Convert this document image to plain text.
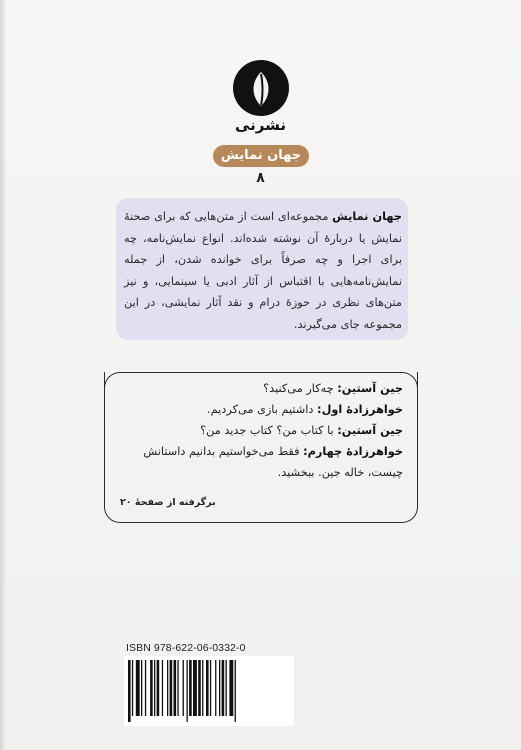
نشرنی
جهان نمایش
۸
جهان نمایش مجموعه‌ای است از متن‌هایی که برای صحنهٔ نمایش یا دربارهٔ آن نوشته شده‌اند. انواع نمایش‌نامه، چه برای اجرا و چه صرفاً برای خوانده شدن، از جمله نمایش‌نامه‌هایی با اقتباس از آثار ادبی یا سینمایی، و نیز متن‌های نظری در حوزهٔ درام و نقد آثار نمایشی، در این مجموعه جای می‌گیرند.
جین آستین: چه‌کار می‌کنید؟
خواهرزادهٔ اول: داشتیم بازی می‌کردیم.
جین آستین: با کتاب من؟ کتاب جدید من؟
خواهرزادهٔ چهارم: فقط می‌خواستیم بدانیم داستانش چیست، خاله جین. ببخشید.
برگرفته از صفحهٔ ۲۰
ISBN 978-622-06-0332-0
